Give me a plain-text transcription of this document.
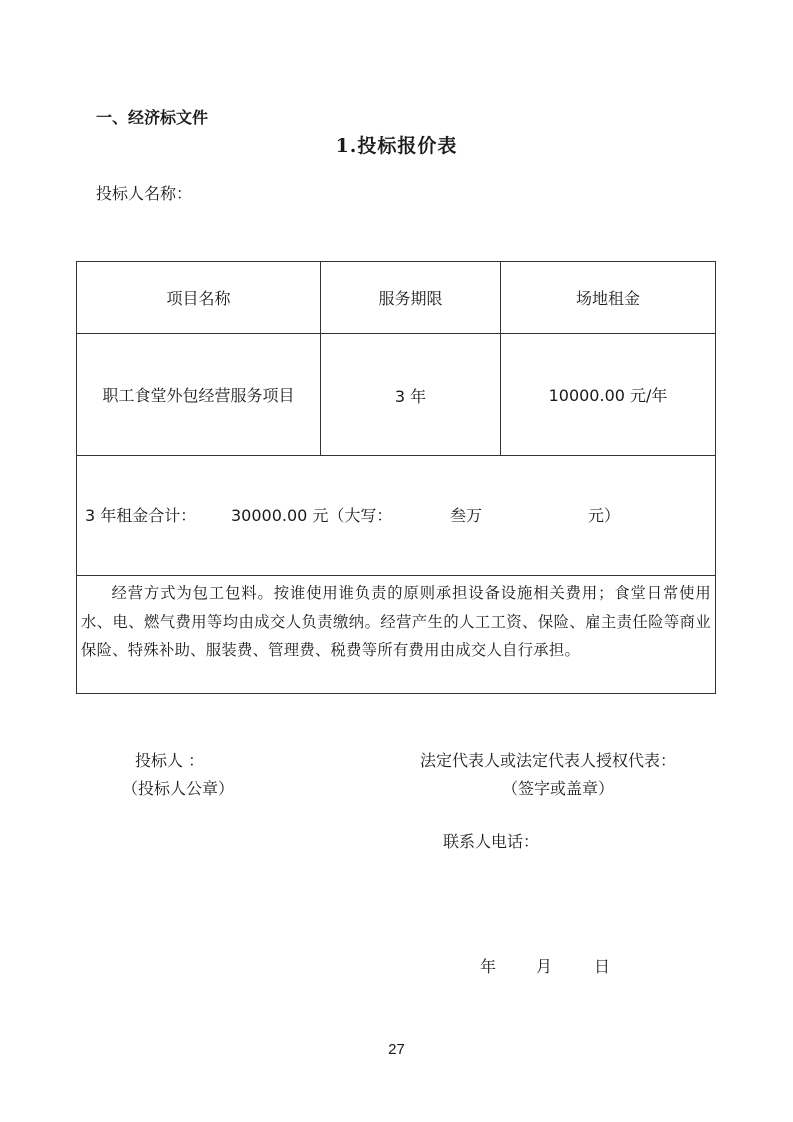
一、经济标文件
1.投标报价表
投标人名称：
项目名称	服务期限	场地租金
职工食堂外包经营服务项目	3 年	10000.00 元/年
3 年租金合计： 30000.00 元（大写：	叁万	元）
经营方式为包工包料。按谁使用谁负责的原则承担设备设施相关费用；食堂日常使用水、电、燃气费用等均由成交人负责缴纳。经营产生的人工工资、保险、雇主责任险等商业保险、特殊补助、服装费、管理费、税费等所有费用由成交人自行承担。
投标人 ：
（投标人公章）
法定代表人或法定代表人授权代表：
（签字或盖章）
联系人电话：
年 月	日
27
